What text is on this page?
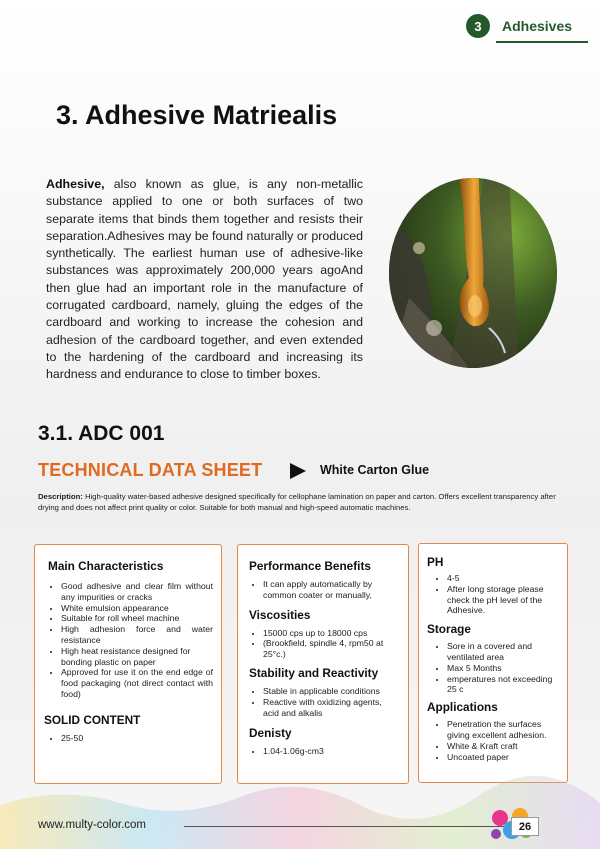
3	Adhesives
3. Adhesive Matriealis

Adhesive, also known as glue, is any non-metallic substance applied to one or both surfaces of two separate items that binds them together and resists their separation.Adhesives may be found naturally or produced synthetically. The earliest human use of adhesive-like substances was approximately 200,000 years agoAnd then glue had an important role in the manufacture of corrugated cardboard, namely, gluing the edges of the cardboard and working to increase the cohesion and adhesion of the cardboard together, and even extended to the hardening of the cardboard and increasing its hardness and endurance to close to timber boxes.

3.1. ADC 001
TECHNICAL DATA SHEET	White Carton Glue

Description: High-quality water-based adhesive designed specifically for cellophane lamination on paper and carton. Offers excellent transparency after drying and does not affect print quality or color. Suitable for both manual and high-speed automatic machines.

Main Characteristics
• Good adhesive and clear film without any impurities or cracks
• White emulsion appearance
• Suitable for roll wheel machine
• High adhesion force and water resistance
• High heat resistance designed for bonding plastic on paper
• Approved for use it on the end edge of food packaging (not direct contact with food)
SOLID CONTENT
• 25-50
Performance Benefits
• It can apply automatically by common coater or manually,
Viscosities
• 15000 cps up to 18000 cps
• (Brookfield, spindle 4, rpm50 at 25°c.)
Stability and Reactivity
• Stable in applicable conditions
• Reactive with oxidizing agents, acid and alkalis
Denisty
• 1.04-1.06g-cm3
PH
• 4-5
• After long storage please check the pH level of the Adhesive.
Storage
• Sore in a covered and ventilated area
• Max 5 Months
• emperatures not exceeding 25 c
Applications
• Penetration the surfaces giving excellent adhesion.
• White & Kraft craft
• Uncoated paper
www.multy-color.com	26
